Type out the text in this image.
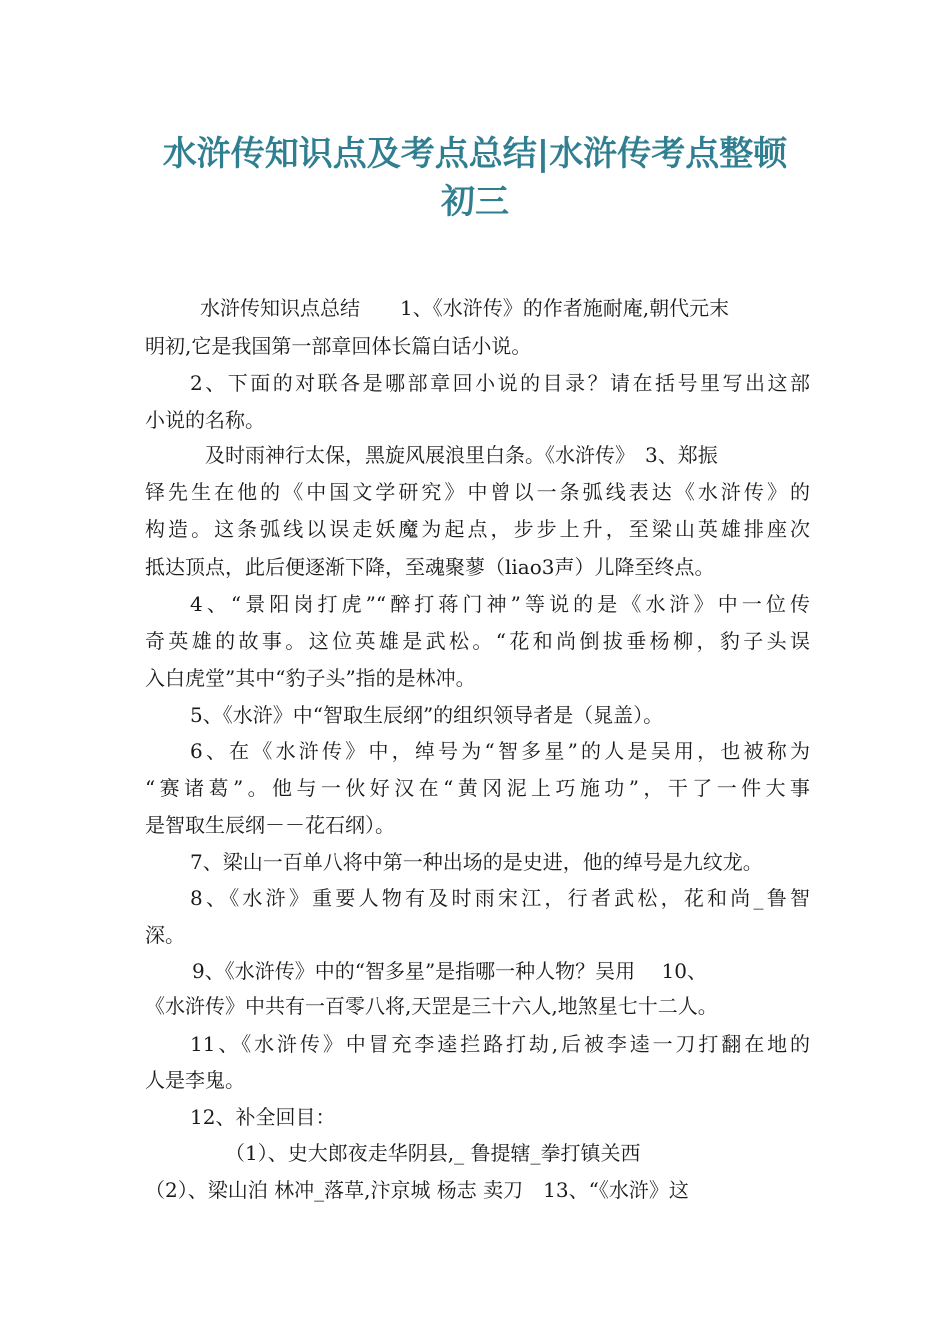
水浒传知识点及考点总结|水浒传考点整顿
初三
水浒传知识点总结　　1、《水浒传》的作者施耐庵,朝代元末
明初,它是我国第一部章回体长篇白话小说。
2、下面的对联各是哪部章回小说的目录？请在括号里写出这部
小说的名称。
及时雨神行太保，黑旋风展浪里白条。《水浒传》　3、郑振
铎先生在他的《中国文学研究》中曾以一条弧线表达《水浒传》的
构造。这条弧线以误走妖魔为起点，步步上升，至梁山英雄排座次
抵达顶点，此后便逐渐下降，至魂聚蓼（liao3声）儿降至终点。
4、“景阳岗打虎”“醉打蒋门神”等说的是《水浒》中一位传
奇英雄的故事。这位英雄是武松。“花和尚倒拔垂杨柳，豹子头误
入白虎堂”其中“豹子头”指的是林冲。
5、《水浒》中“智取生辰纲”的组织领导者是（晁盖）。
6、在《水浒传》中，绰号为“智多星”的人是吴用，也被称为
“赛诸葛”。他与一伙好汉在“黄冈泥上巧施功”，干了一件大事
是智取生辰纲－－花石纲）。
7、梁山一百单八将中第一种出场的是史进，他的绰号是九纹龙。
8、《水浒》重要人物有及时雨宋江，行者武松，花和尚_鲁智
深。
9、《水浒传》中的“智多星”是指哪一种人物？吴用　 10、
《水浒传》中共有一百零八将,天罡是三十六人,地煞星七十二人。
11、《水浒传》中冒充李逵拦路打劫,后被李逵一刀打翻在地的
人是李鬼。
12、补全回目：
（1）、史大郎夜走华阴县,_ 鲁提辖_拳打镇关西
（2）、梁山泊 林冲_落草,汴京城 杨志 卖刀　13、“《水浒》这
